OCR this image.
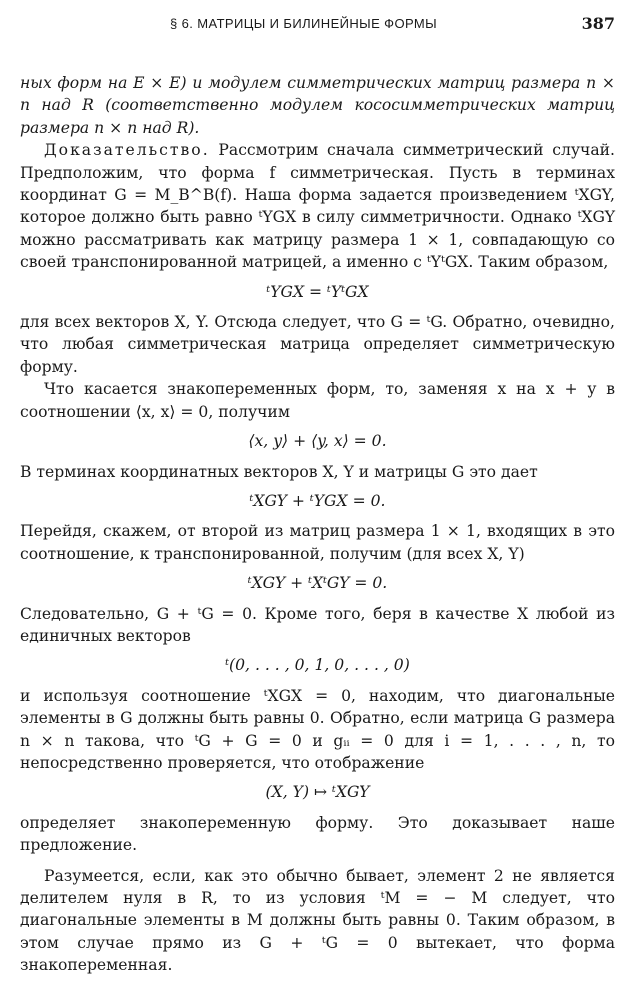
§ 6. МАТРИЦЫ И БИЛИНЕЙНЫЕ ФОРМЫ	387

ных форм на E × E) и модулем симметрических матриц размера n × n над R (соответственно модулем кососимметрических матриц размера n × n над R).

Доказательство. Рассмотрим сначала симметрический случай. Предположим, что форма f симметрическая. Пусть в терминах координат G = M_B^B(f). Наша форма задается произведением ᵗXGY, которое должно быть равно ᵗYGX в силу симметричности. Однако ᵗXGY можно рассматривать как матрицу размера 1 × 1, совпадающую со своей транспонированной матрицей, а именно с ᵗYᵗGX. Таким образом,

ᵗYGX = ᵗYᵗGX

для всех векторов X, Y. Отсюда следует, что G = ᵗG. Обратно, очевидно, что любая симметрическая матрица определяет симметрическую форму.

Что касается знакопеременных форм, то, заменяя x на x + y в соотношении ⟨x, x⟩ = 0, получим

⟨x, y⟩ + ⟨y, x⟩ = 0.

В терминах координатных векторов X, Y и матрицы G это дает

ᵗXGY + ᵗYGX = 0.

Перейдя, скажем, от второй из матриц размера 1 × 1, входящих в это соотношение, к транспонированной, получим (для всех X, Y)

ᵗXGY + ᵗXᵗGY = 0.

Следовательно, G + ᵗG = 0. Кроме того, беря в качестве X любой из единичных векторов

ᵗ(0, . . . , 0, 1, 0, . . . , 0)

и используя соотношение ᵗXGX = 0, находим, что диагональные элементы в G должны быть равны 0. Обратно, если матрица G размера n × n такова, что ᵗG + G = 0 и gᵢᵢ = 0 для i = 1, . . . , n, то непосредственно проверяется, что отображение

(X, Y) ↦ ᵗXGY

определяет знакопеременную форму. Это доказывает наше предложение.

Разумеется, если, как это обычно бывает, элемент 2 не является делителем нуля в R, то из условия ᵗM = − M следует, что диагональные элементы в M должны быть равны 0. Таким образом, в этом случае прямо из G + ᵗG = 0 вытекает, что форма знакопеременная.
